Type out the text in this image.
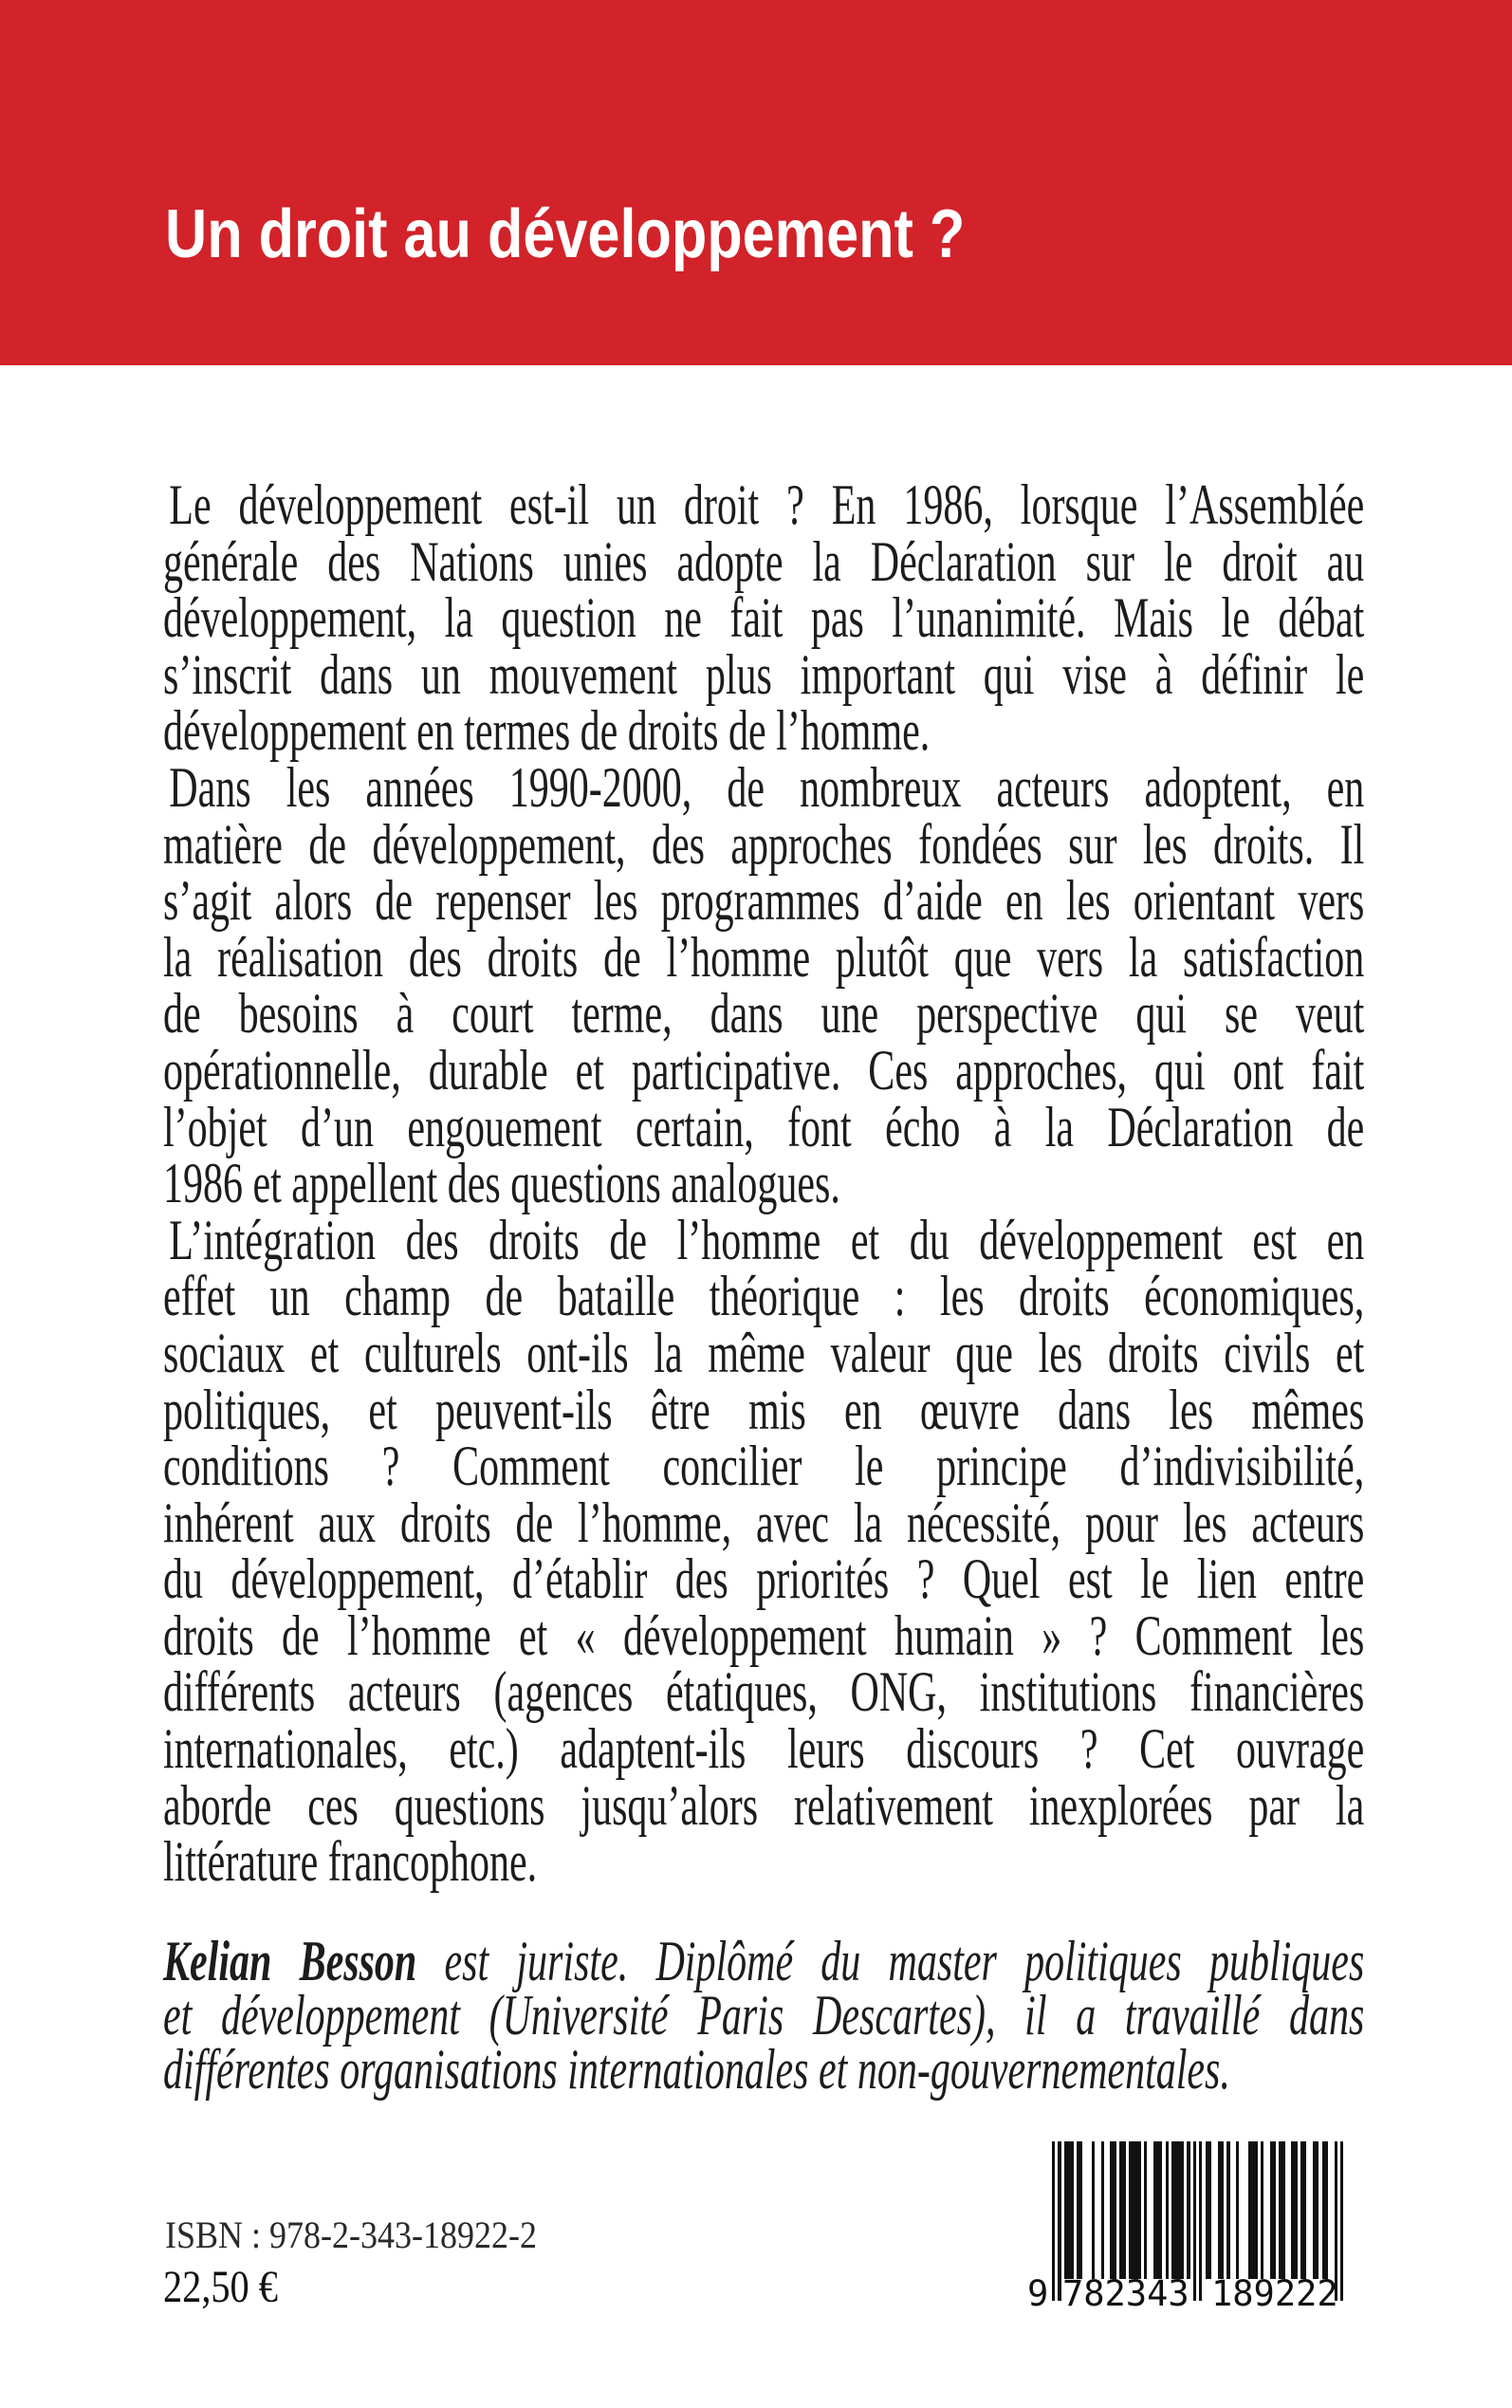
Un droit au développement ?
Le développement est-il un droit ? En 1986, lorsque l’Assemblée
générale des Nations unies adopte la Déclaration sur le droit au
développement, la question ne fait pas l’unanimité. Mais le débat
s’inscrit dans un mouvement plus important qui vise à définir le
développement en termes de droits de l’homme.
Dans les années 1990-2000, de nombreux acteurs adoptent, en
matière de développement, des approches fondées sur les droits. Il
s’agit alors de repenser les programmes d’aide en les orientant vers
la réalisation des droits de l’homme plutôt que vers la satisfaction
de besoins à court terme, dans une perspective qui se veut
opérationnelle, durable et participative. Ces approches, qui ont fait
l’objet d’un engouement certain, font écho à la Déclaration de
1986 et appellent des questions analogues.
L’intégration des droits de l’homme et du développement est en
effet un champ de bataille théorique : les droits économiques,
sociaux et culturels ont-ils la même valeur que les droits civils et
politiques, et peuvent-ils être mis en œuvre dans les mêmes
conditions ? Comment concilier le principe d’indivisibilité,
inhérent aux droits de l’homme, avec la nécessité, pour les acteurs
du développement, d’établir des priorités ? Quel est le lien entre
droits de l’homme et « développement humain » ? Comment les
différents acteurs (agences étatiques, ONG, institutions financières
internationales, etc.) adaptent-ils leurs discours ? Cet ouvrage
aborde ces questions jusqu’alors relativement inexplorées par la
littérature francophone.
Kelian Besson est juriste. Diplômé du master politiques publiques
et développement (Université Paris Descartes), il a travaillé dans
différentes organisations internationales et non-gouvernementales.
ISBN : 978-2-343-18922-2
22,50 €	9 782343 189222
